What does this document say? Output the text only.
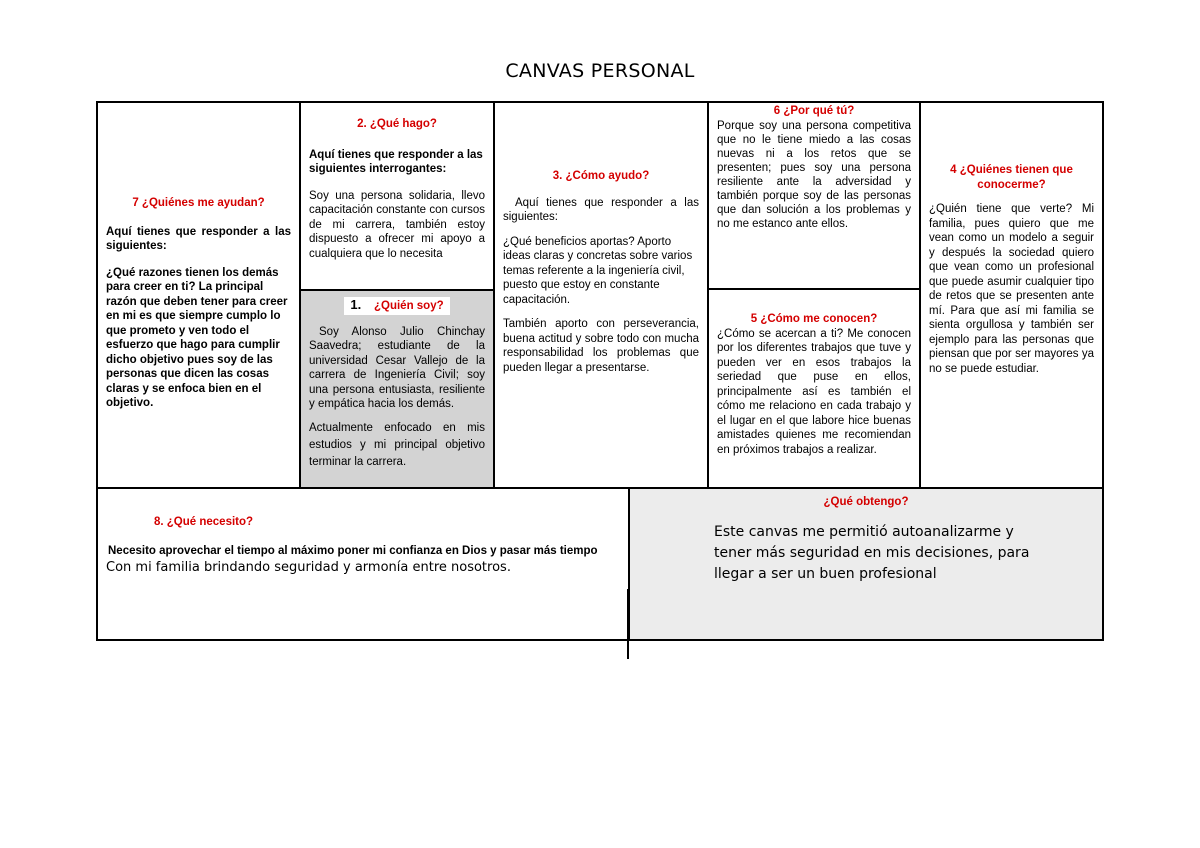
CANVAS PERSONAL

7 ¿Quiénes me ayudan?

Aquí tienes que responder a las siguientes:

¿Qué razones tienen los demás para creer en ti? La principal razón que deben tener para creer en mi es que siempre cumplo lo que prometo y ven todo el esfuerzo que hago para cumplir dicho objetivo pues soy de las personas que dicen las cosas claras y se enfoca bien en el objetivo.

2. ¿Qué hago?

Aquí tienes que responder a las siguientes interrogantes:

Soy una persona solidaria, llevo capacitación constante con cursos de mi carrera, también estoy dispuesto a ofrecer mi apoyo a cualquiera que lo necesita

1. ¿Quién soy?

Soy Alonso Julio Chinchay Saavedra; estudiante de la universidad Cesar Vallejo de la carrera de Ingeniería Civil; soy una persona entusiasta, resiliente y empática hacia los demás.

Actualmente enfocado en mis estudios y mi principal objetivo terminar la carrera.

3. ¿Cómo ayudo?

Aquí tienes que responder a las siguientes:

¿Qué beneficios aportas? Aporto ideas claras y concretas sobre varios temas referente a la ingeniería civil, puesto que estoy en constante capacitación.

También aporto con perseverancia, buena actitud y sobre todo con mucha responsabilidad los problemas que pueden llegar a presentarse.

6 ¿Por qué tú?

Porque soy una persona competitiva que no le tiene miedo a las cosas nuevas ni a los retos que se presenten; pues soy una persona resiliente ante la adversidad y también porque soy de las personas que dan solución a los problemas y no me estanco ante ellos.

5 ¿Cómo me conocen?

¿Cómo se acercan a ti? Me conocen por los diferentes trabajos que tuve y pueden ver en esos trabajos la seriedad que puse en ellos, principalmente así es también el cómo me relaciono en cada trabajo y el lugar en el que labore hice buenas amistades quienes me recomiendan en próximos trabajos a realizar.

4 ¿Quiénes tienen que conocerme?

¿Quién tiene que verte? Mi familia, pues quiero que me vean como un modelo a seguir y después la sociedad quiero que vean como un profesional que puede asumir cualquier tipo de retos que se presenten ante mí. Para que así mi familia se sienta orgullosa y también ser ejemplo para las personas que piensan que por ser mayores ya no se puede estudiar.

8. ¿Qué necesito?

Necesito aprovechar el tiempo al máximo poner mi confianza en Dios y pasar más tiempo

Con mi familia brindando seguridad y armonía entre nosotros.

¿Qué obtengo?

Este canvas me permitió autoanalizarme y tener más seguridad en mis decisiones, para llegar a ser un buen profesional
